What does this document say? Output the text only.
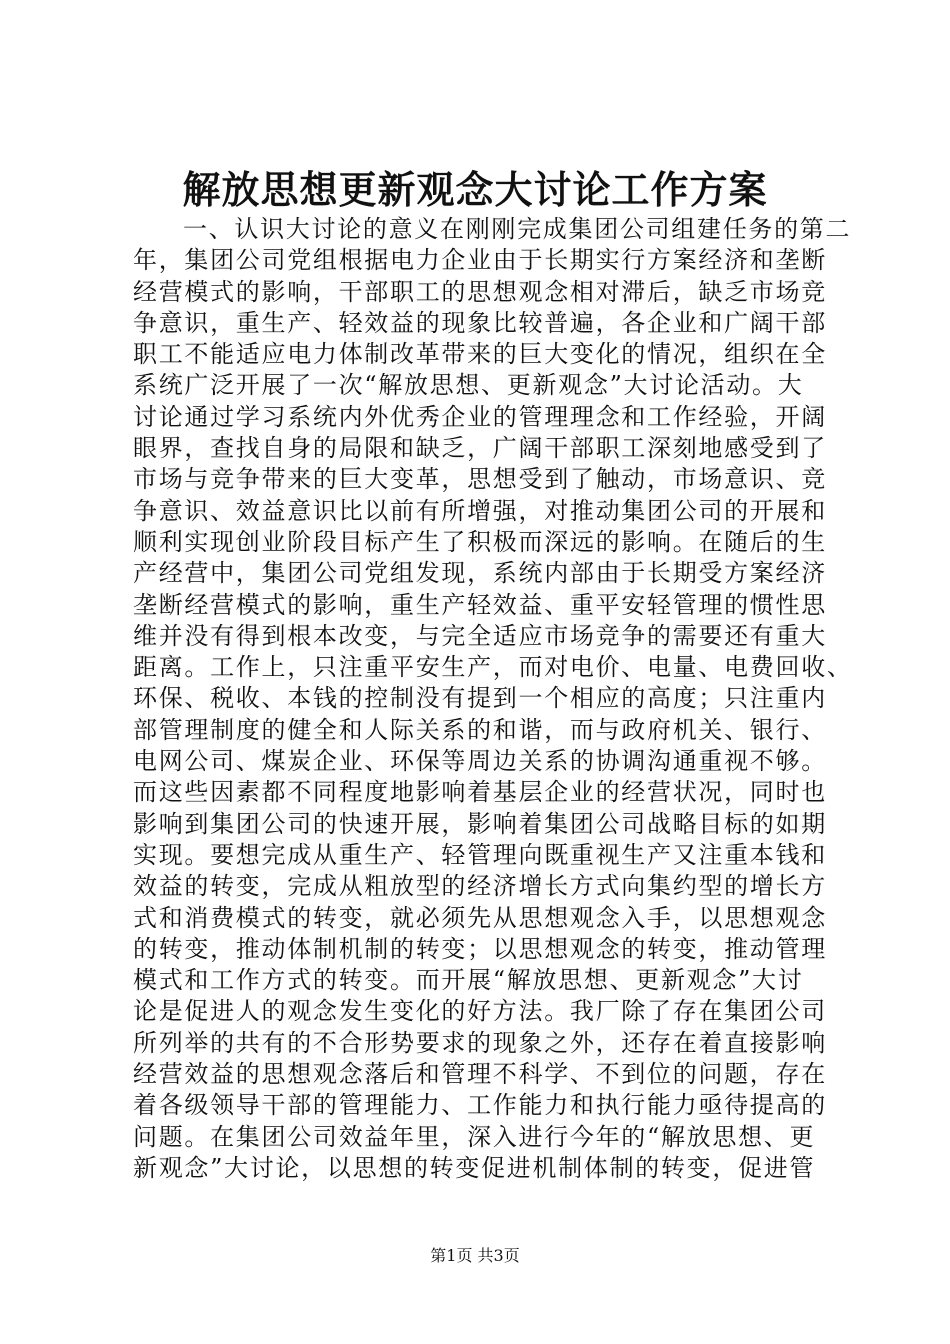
解放思想更新观念大讨论工作方案
一、认识大讨论的意义在刚刚完成集团公司组建任务的第二
年，集团公司党组根据电力企业由于长期实行方案经济和垄断
经营模式的影响，干部职工的思想观念相对滞后，缺乏市场竞
争意识，重生产、轻效益的现象比较普遍，各企业和广阔干部
职工不能适应电力体制改革带来的巨大变化的情况，组织在全
系统广泛开展了一次“解放思想、更新观念”大讨论活动。大
讨论通过学习系统内外优秀企业的管理理念和工作经验，开阔
眼界，查找自身的局限和缺乏，广阔干部职工深刻地感受到了
市场与竞争带来的巨大变革，思想受到了触动，市场意识、竞
争意识、效益意识比以前有所增强，对推动集团公司的开展和
顺利实现创业阶段目标产生了积极而深远的影响。在随后的生
产经营中，集团公司党组发现，系统内部由于长期受方案经济
垄断经营模式的影响，重生产轻效益、重平安轻管理的惯性思
维并没有得到根本改变，与完全适应市场竞争的需要还有重大
距离。工作上，只注重平安生产，而对电价、电量、电费回收、
环保、税收、本钱的控制没有提到一个相应的高度；只注重内
部管理制度的健全和人际关系的和谐，而与政府机关、银行、
电网公司、煤炭企业、环保等周边关系的协调沟通重视不够。
而这些因素都不同程度地影响着基层企业的经营状况，同时也
影响到集团公司的快速开展，影响着集团公司战略目标的如期
实现。要想完成从重生产、轻管理向既重视生产又注重本钱和
效益的转变，完成从粗放型的经济增长方式向集约型的增长方
式和消费模式的转变，就必须先从思想观念入手，以思想观念
的转变，推动体制机制的转变；以思想观念的转变，推动管理
模式和工作方式的转变。而开展“解放思想、更新观念”大讨
论是促进人的观念发生变化的好方法。我厂除了存在集团公司
所列举的共有的不合形势要求的现象之外，还存在着直接影响
经营效益的思想观念落后和管理不科学、不到位的问题，存在
着各级领导干部的管理能力、工作能力和执行能力亟待提高的
问题。在集团公司效益年里，深入进行今年的“解放思想、更
新观念”大讨论，以思想的转变促进机制体制的转变，促进管
第1页 共3页
